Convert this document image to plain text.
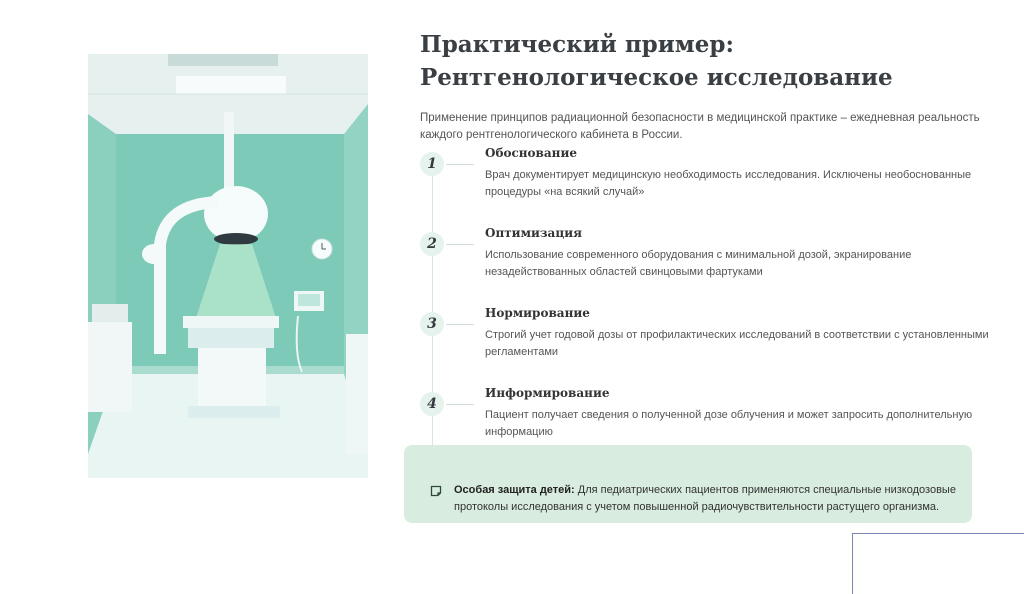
Практический пример: Рентгенологическое исследование

Применение принципов радиационной безопасности в медицинской практике – ежедневная реальность каждого рентгенологического кабинета в России.

1
Обоснование

Врач документирует медицинскую необходимость исследования. Исключены необоснованные процедуры «на всякий случай»

2
Оптимизация

Использование современного оборудования с минимальной дозой, экранирование незадействованных областей свинцовыми фартуками

3
Нормирование

Строгий учет годовой дозы от профилактических исследований в соответствии с установленными регламентами

4
Информирование

Пациент получает сведения о полученной дозе облучения и может запросить дополнительную информацию

Особая защита детей: Для педиатрических пациентов применяются специальные низкодозовые протоколы исследования с учетом повышенной радиочувствительности растущего организма.
